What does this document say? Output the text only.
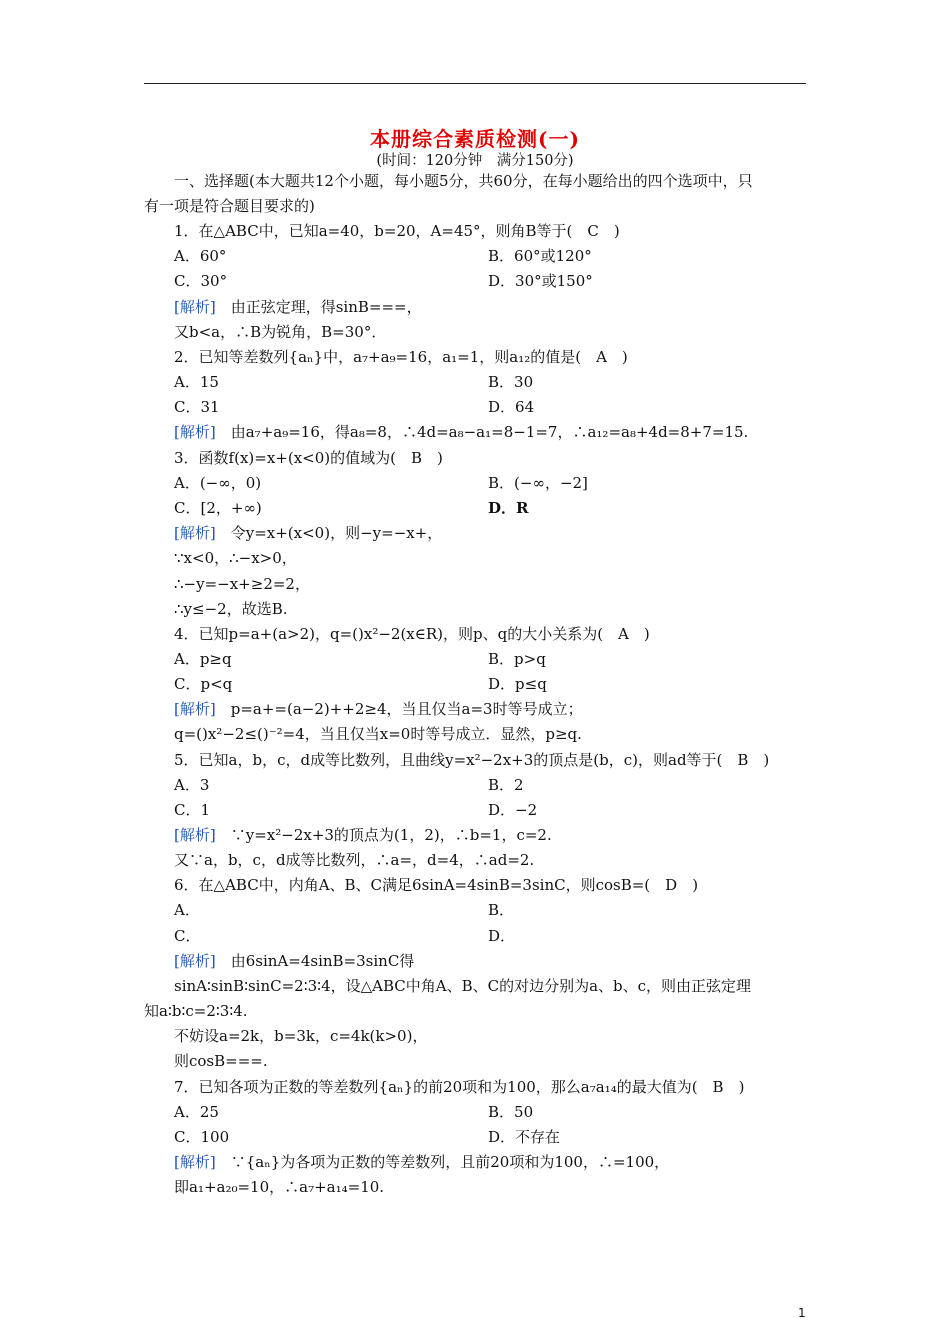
本册综合素质检测(一)
(时间：120分钟　满分150分)
一、选择题(本大题共12个小题，每小题5分，共60分，在每小题给出的四个选项中，只
有一项是符合题目要求的)
1．在△ABC中，已知a=40，b=20，A=45°，则角B等于(　C　)
A．60°	B．60°或120°
C．30°	D．30°或150°
[解析]　 由正弦定理，得sinB===，
又b<a，∴B为锐角，B=30°．
2．已知等差数列{aₙ}中，a₇+a₉=16，a₁=1，则a₁₂的值是(　A　)
A．15	B．30
C．31	D．64
[解析]　 由a₇+a₉=16，得a₈=8，∴4d=a₈−a₁=8−1=7，∴a₁₂=a₈+4d=8+7=15.
3．函数f(x)=x+(x<0)的值域为(　B　)
A．(−∞，0)	B．(−∞，−2]
C．[2，+∞)	D．R
[解析]　 令y=x+(x<0)，则−y=−x+，
∵x<0，∴−x>0，
∴−y=−x+≥2=2，
∴y≤−2，故选B.
4．已知p=a+(a>2)，q=()x²−2(x∈R)，则p、q的大小关系为(　A　)
A．p≥q	B．p>q
C．p<q	D．p≤q
[解析]　 p=a+=(a−2)++2≥4，当且仅当a=3时等号成立；
q=()x²−2≤()⁻²=4，当且仅当x=0时等号成立．显然，p≥q.
5．已知a，b，c，d成等比数列，且曲线y=x²−2x+3的顶点是(b，c)，则ad等于(　B　)
A．3	B．2
C．1	D．−2
[解析]　 ∵y=x²−2x+3的顶点为(1，2)，∴b=1，c=2.
又∵a，b，c，d成等比数列，∴a=，d=4，∴ad=2.
6．在△ABC中，内角A、B、C满足6sinA=4sinB=3sinC，则cosB=(　D　)
A．	B．
C．	D．
[解析]　 由6sinA=4sinB=3sinC得
sinA∶sinB∶sinC=2∶3∶4，设△ABC中角A、B、C的对边分别为a、b、c，则由正弦定理
知a∶b∶c=2∶3∶4.
不妨设a=2k，b=3k，c=4k(k>0)，
则cosB===.
7．已知各项为正数的等差数列{aₙ}的前20项和为100，那么a₇a₁₄的最大值为(　B　)
A．25	B．50
C．100	D．不存在
[解析]　 ∵{aₙ}为各项为正数的等差数列，且前20项和为100，∴=100，
即a₁+a₂₀=10，∴a₇+a₁₄=10.
1
